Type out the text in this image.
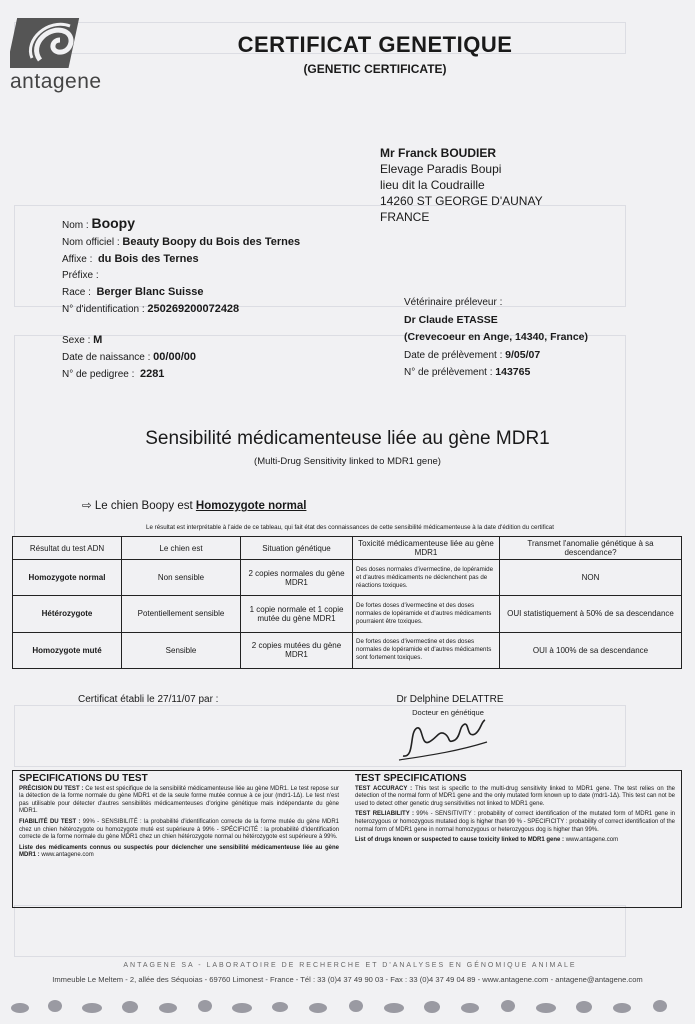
antagene
CERTIFICAT GENETIQUE
(GENETIC CERTIFICATE)
Mr Franck BOUDIER
Elevage Paradis Boupi
lieu dit la Coudraille
14260 ST GEORGE D'AUNAY
FRANCE
Nom : Boopy
Nom officiel : Beauty Boopy du Bois des Ternes
Affixe : du Bois des Ternes
Préfixe :
Race : Berger Blanc Suisse
N° d'identification : 250269200072428
Sexe : M
Date de naissance : 00/00/00
N° de pedigree : 2281
Vétérinaire préleveur :
Dr Claude ETASSE
(Crevecoeur en Ange, 14340, France)
Date de prélèvement : 9/05/07
N° de prélèvement : 143765
Sensibilité médicamenteuse liée au gène MDR1
(Multi-Drug Sensitivity linked to MDR1 gene)
⇨ Le chien Boopy est Homozygote normal
Le résultat est interprétable à l'aide de ce tableau, qui fait état des connaissances de cette sensibilité médicamenteuse à la date d'édition du certificat
Résultat du test ADN	Le chien est	Situation génétique	Toxicité médicamenteuse liée au gène MDR1	Transmet l'anomalie génétique à sa descendance?
Homozygote normal	Non sensible	2 copies normales du gène MDR1	Des doses normales d'ivermectine, de lopéramide et d'autres médicaments ne déclenchent pas de réactions toxiques.	NON
Hétérozygote	Potentiellement sensible	1 copie normale et 1 copie mutée du gène MDR1	De fortes doses d'ivermectine et des doses normales de lopéramide et d'autres médicaments pourraient être toxiques.	OUI statistiquement à 50% de sa descendance
Homozygote muté	Sensible	2 copies mutées du gène MDR1	De fortes doses d'ivermectine et des doses normales de lopéramide et d'autres médicaments sont fortement toxiques.	OUI à 100% de sa descendance
Certificat établi le 27/11/07 par :	Dr Delphine DELATTRE
Docteur en génétique
SPECIFICATIONS DU TEST

PRÉCISION DU TEST : Ce test est spécifique de la sensibilité médicamenteuse liée au gène MDR1. Le test repose sur la détection de la forme normale du gène MDR1 et de la seule forme mutée connue à ce jour (mdr1-1Δ). Le test n'est pas utilisable pour détecter d'autres sensibilités médicamenteuses d'origine génétique mais indépendante du gène MDR1.

FIABILITÉ DU TEST : 99% - SENSIBILITÉ : la probabilité d'identification correcte de la forme mutée du gène MDR1 chez un chien hétérozygote ou homozygote muté est supérieure à 99% - SPÉCIFICITÉ : la probabilité d'identification correcte de la forme normale du gène MDR1 chez un chien hétérozygote normal ou hétérozygote est supérieure à 99%.

Liste des médicaments connus ou suspectés pour déclencher une sensibilité médicamenteuse liée au gène MDR1 : www.antagene.com

TEST SPECIFICATIONS

TEST ACCURACY : This test is specific to the multi-drug sensitivity linked to MDR1 gene. The test relies on the detection of the normal form of MDR1 gene and the only mutated form known up to date (mdr1-1Δ). This test can not be used to detect other genetic drug sensitivities not linked to MDR1 gene.

TEST RELIABILITY : 99% - SENSITIVITY : probability of correct identification of the mutated form of MDR1 gene in heterozygous or homozygous mutated dog is higher than 99 % - SPECIFICITY : probability of correct identification of the normal form of MDR1 gene in normal homozygous or heterozygous dog is higher than 99%.

List of drugs known or suspected to cause toxicity linked to MDR1 gene : www.antagene.com

ANTAGENE SA - LABORATOIRE DE RECHERCHE ET D'ANALYSES EN GÉNOMIQUE ANIMALE
Immeuble Le Meltem - 2, allée des Séquoias - 69760 Limonest - France - Tél : 33 (0)4 37 49 90 03 - Fax : 33 (0)4 37 49 04 89 - www.antagene.com - antagene@antagene.com
